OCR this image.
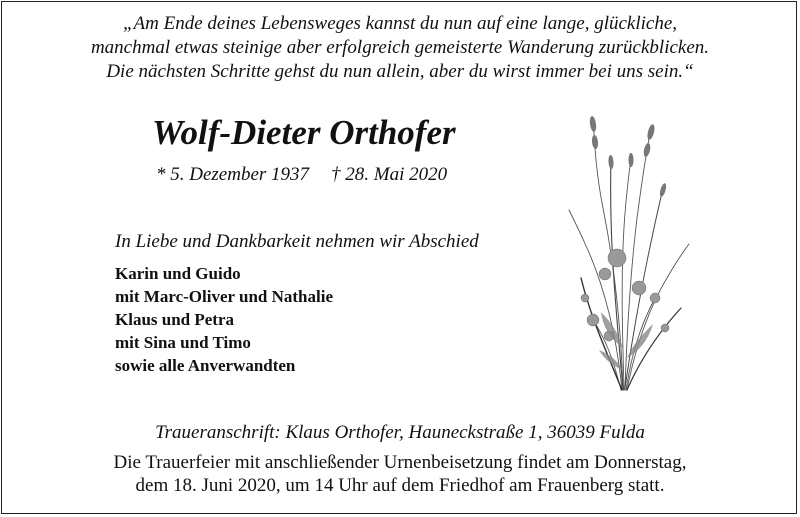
„Am Ende deines Lebensweges kannst du nun auf eine lange, glückliche,
manchmal etwas steinige aber erfolgreich gemeisterte Wanderung zurückblicken.
Die nächsten Schritte gehst du nun allein, aber du wirst immer bei uns sein.“
Wolf-Dieter Orthofer
* 5. Dezember 1937 † 28. Mai 2020
In Liebe und Dankbarkeit nehmen wir Abschied
Karin und Guido
mit Marc-Oliver und Nathalie
Klaus und Petra
mit Sina und Timo
sowie alle Anverwandten
Traueranschrift: Klaus Orthofer, Hauneckstraße 1, 36039 Fulda
Die Trauerfeier mit anschließender Urnenbeisetzung findet am Donnerstag,
dem 18. Juni 2020, um 14 Uhr auf dem Friedhof am Frauenberg statt.
